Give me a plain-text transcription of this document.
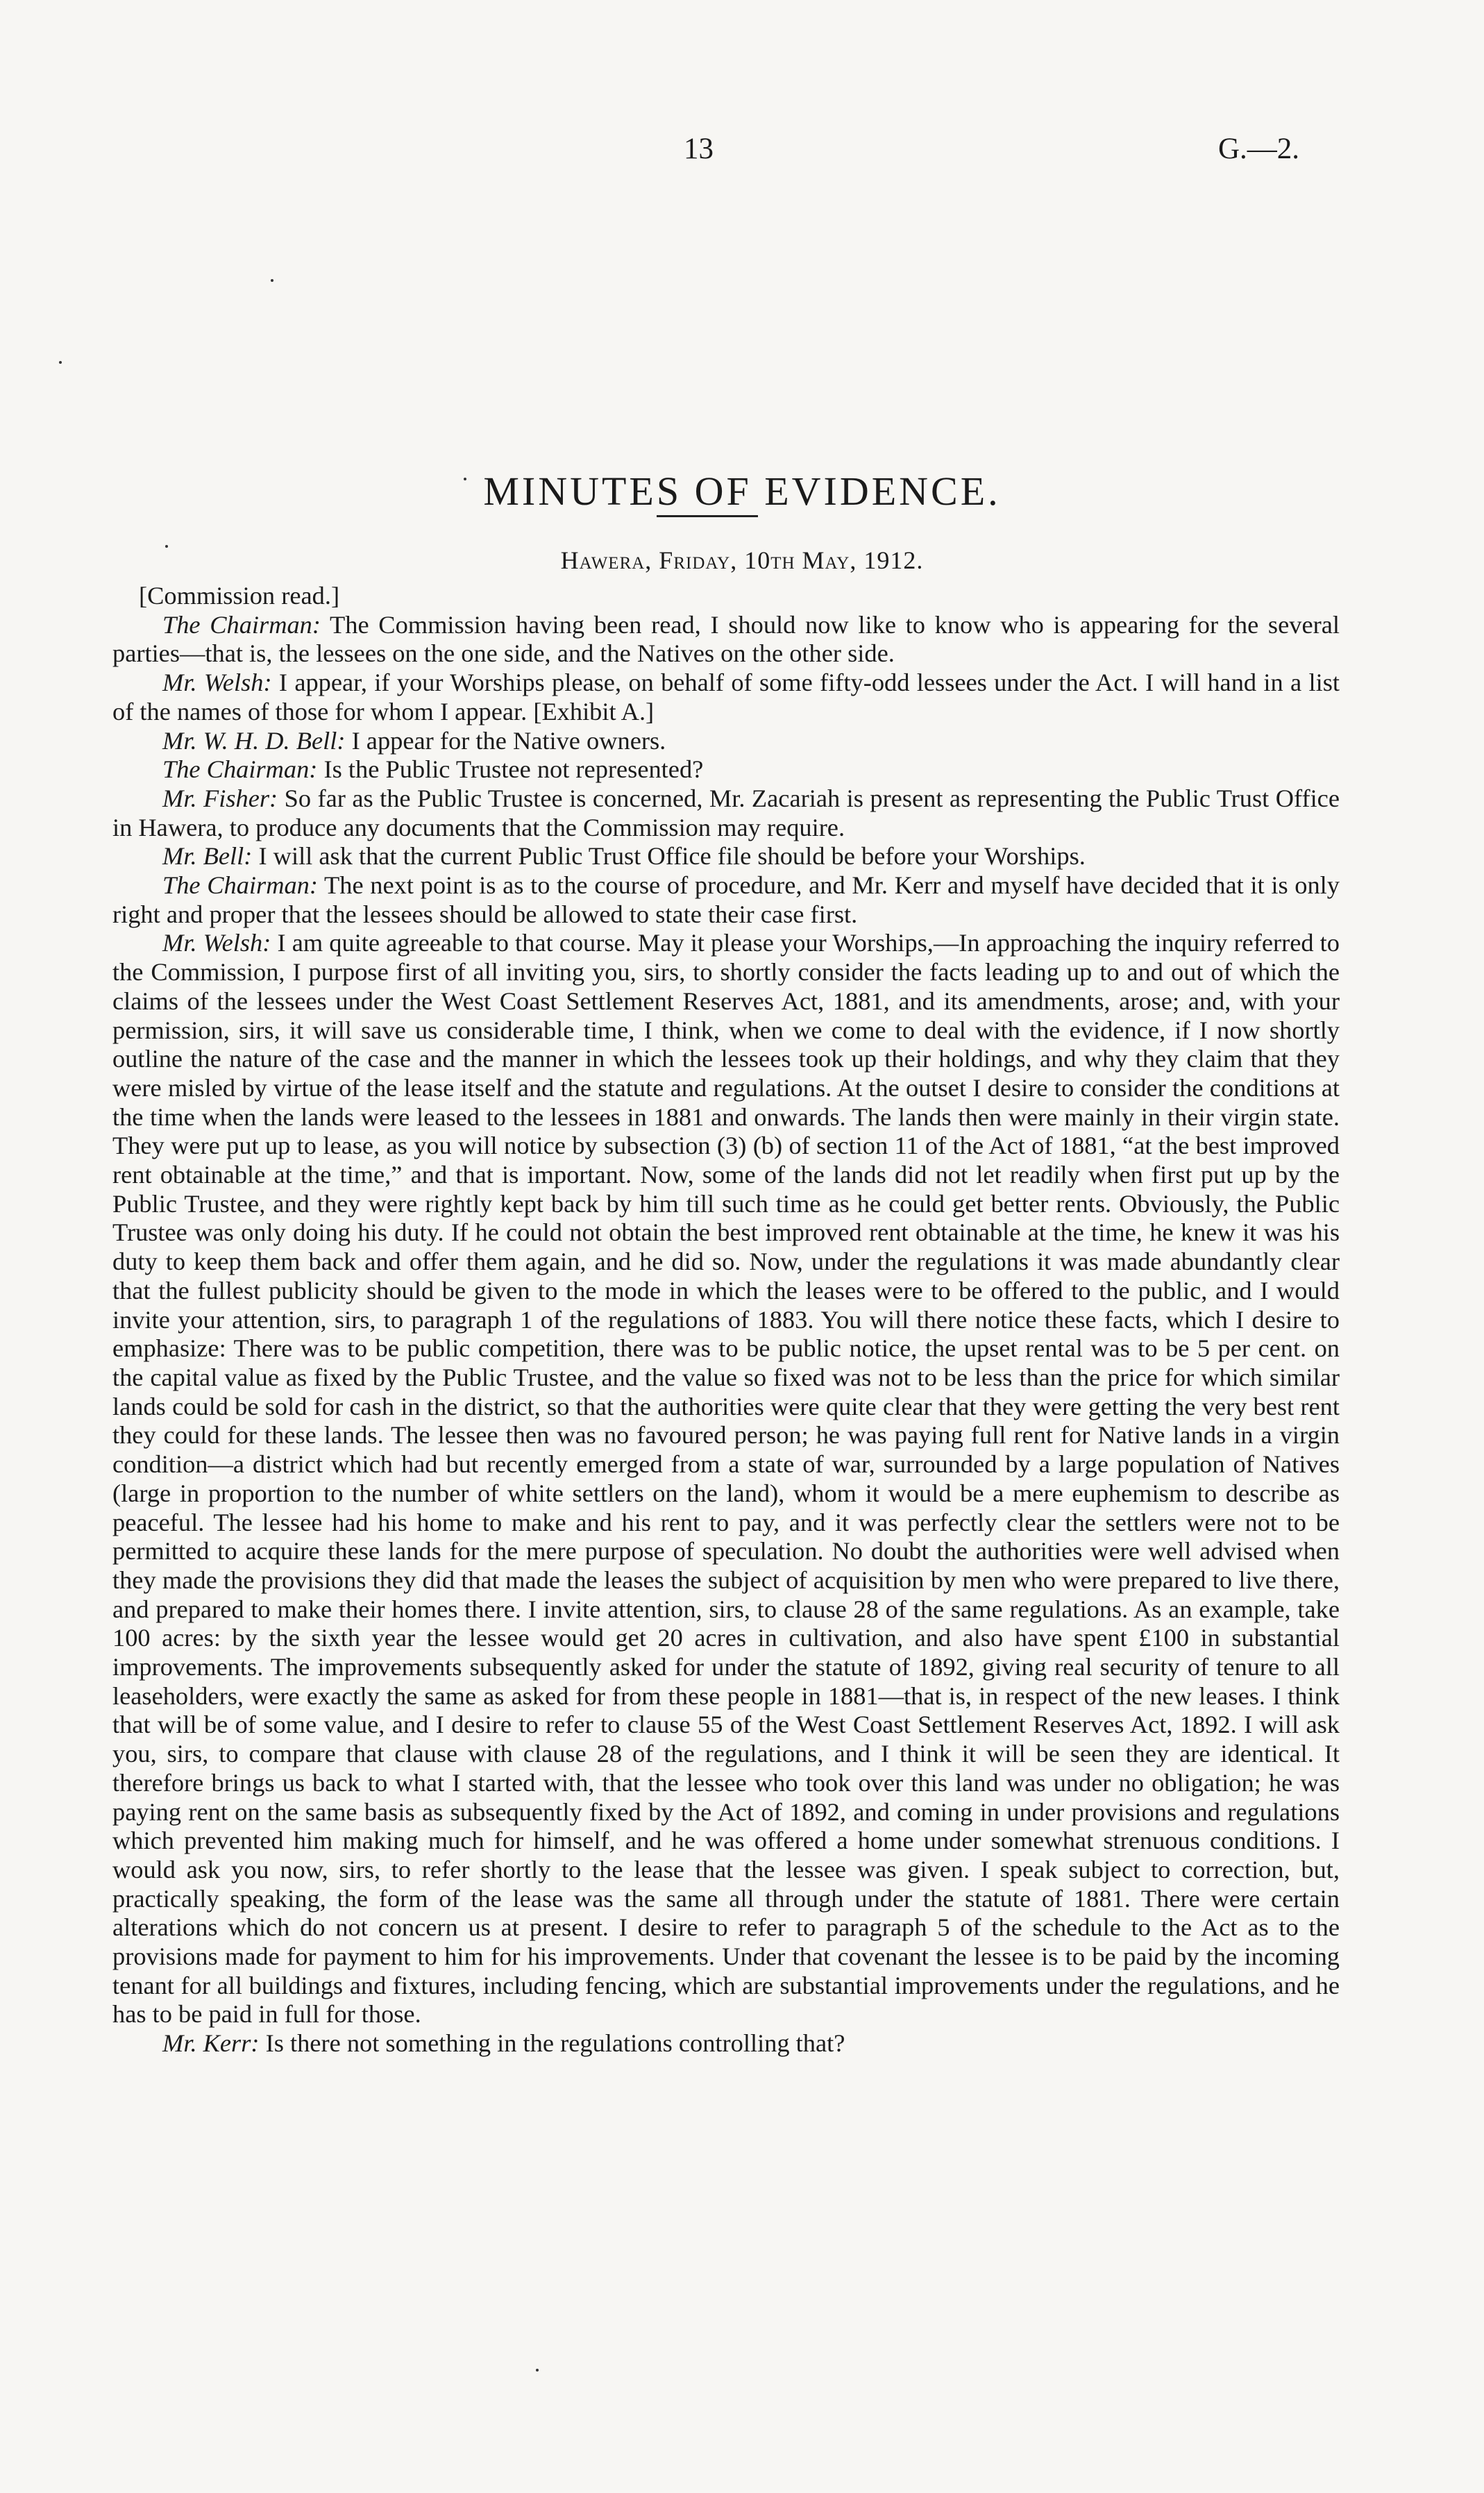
13	G.—2.
MINUTES OF EVIDENCE.
Hawera, Friday, 10th May, 1912.

[Commission read.]

The Chairman: The Commission having been read, I should now like to know who is appearing for the several parties—that is, the lessees on the one side, and the Natives on the other side.

Mr. Welsh: I appear, if your Worships please, on behalf of some fifty-odd lessees under the Act. I will hand in a list of the names of those for whom I appear. [Exhibit A.]

Mr. W. H. D. Bell: I appear for the Native owners.

The Chairman: Is the Public Trustee not represented?

Mr. Fisher: So far as the Public Trustee is concerned, Mr. Zacariah is present as representing the Public Trust Office in Hawera, to produce any documents that the Commission may require.

Mr. Bell: I will ask that the current Public Trust Office file should be before your Worships.

The Chairman: The next point is as to the course of procedure, and Mr. Kerr and myself have decided that it is only right and proper that the lessees should be allowed to state their case first.

Mr. Welsh: I am quite agreeable to that course. May it please your Worships,—In approaching the inquiry referred to the Commission, I purpose first of all inviting you, sirs, to shortly consider the facts leading up to and out of which the claims of the lessees under the West Coast Settlement Reserves Act, 1881, and its amendments, arose; and, with your permission, sirs, it will save us considerable time, I think, when we come to deal with the evidence, if I now shortly outline the nature of the case and the manner in which the lessees took up their holdings, and why they claim that they were misled by virtue of the lease itself and the statute and regulations. At the outset I desire to consider the conditions at the time when the lands were leased to the lessees in 1881 and onwards. The lands then were mainly in their virgin state. They were put up to lease, as you will notice by subsection (3) (b) of section 11 of the Act of 1881, “at the best improved rent obtainable at the time,” and that is important. Now, some of the lands did not let readily when first put up by the Public Trustee, and they were rightly kept back by him till such time as he could get better rents. Obviously, the Public Trustee was only doing his duty. If he could not obtain the best improved rent obtainable at the time, he knew it was his duty to keep them back and offer them again, and he did so. Now, under the regulations it was made abundantly clear that the fullest publicity should be given to the mode in which the leases were to be offered to the public, and I would invite your attention, sirs, to paragraph 1 of the regulations of 1883. You will there notice these facts, which I desire to emphasize: There was to be public competition, there was to be public notice, the upset rental was to be 5 per cent. on the capital value as fixed by the Public Trustee, and the value so fixed was not to be less than the price for which similar lands could be sold for cash in the district, so that the authorities were quite clear that they were getting the very best rent they could for these lands. The lessee then was no favoured person; he was paying full rent for Native lands in a virgin condition—a district which had but recently emerged from a state of war, surrounded by a large population of Natives (large in proportion to the number of white settlers on the land), whom it would be a mere euphemism to describe as peaceful. The lessee had his home to make and his rent to pay, and it was perfectly clear the settlers were not to be permitted to acquire these lands for the mere purpose of speculation. No doubt the authorities were well advised when they made the provisions they did that made the leases the subject of acquisition by men who were prepared to live there, and prepared to make their homes there. I invite attention, sirs, to clause 28 of the same regulations. As an example, take 100 acres: by the sixth year the lessee would get 20 acres in cultivation, and also have spent £100 in substantial improvements. The improvements subsequently asked for under the statute of 1892, giving real security of tenure to all leaseholders, were exactly the same as asked for from these people in 1881—that is, in respect of the new leases. I think that will be of some value, and I desire to refer to clause 55 of the West Coast Settlement Reserves Act, 1892. I will ask you, sirs, to compare that clause with clause 28 of the regulations, and I think it will be seen they are identical. It therefore brings us back to what I started with, that the lessee who took over this land was under no obligation; he was paying rent on the same basis as subsequently fixed by the Act of 1892, and coming in under provisions and regulations which prevented him making much for himself, and he was offered a home under somewhat strenuous conditions. I would ask you now, sirs, to refer shortly to the lease that the lessee was given. I speak subject to correction, but, practically speaking, the form of the lease was the same all through under the statute of 1881. There were certain alterations which do not concern us at present. I desire to refer to paragraph 5 of the schedule to the Act as to the provisions made for payment to him for his improvements. Under that covenant the lessee is to be paid by the incoming tenant for all buildings and fixtures, including fencing, which are substantial improvements under the regulations, and he has to be paid in full for those.

Mr. Kerr: Is there not something in the regulations controlling that?
